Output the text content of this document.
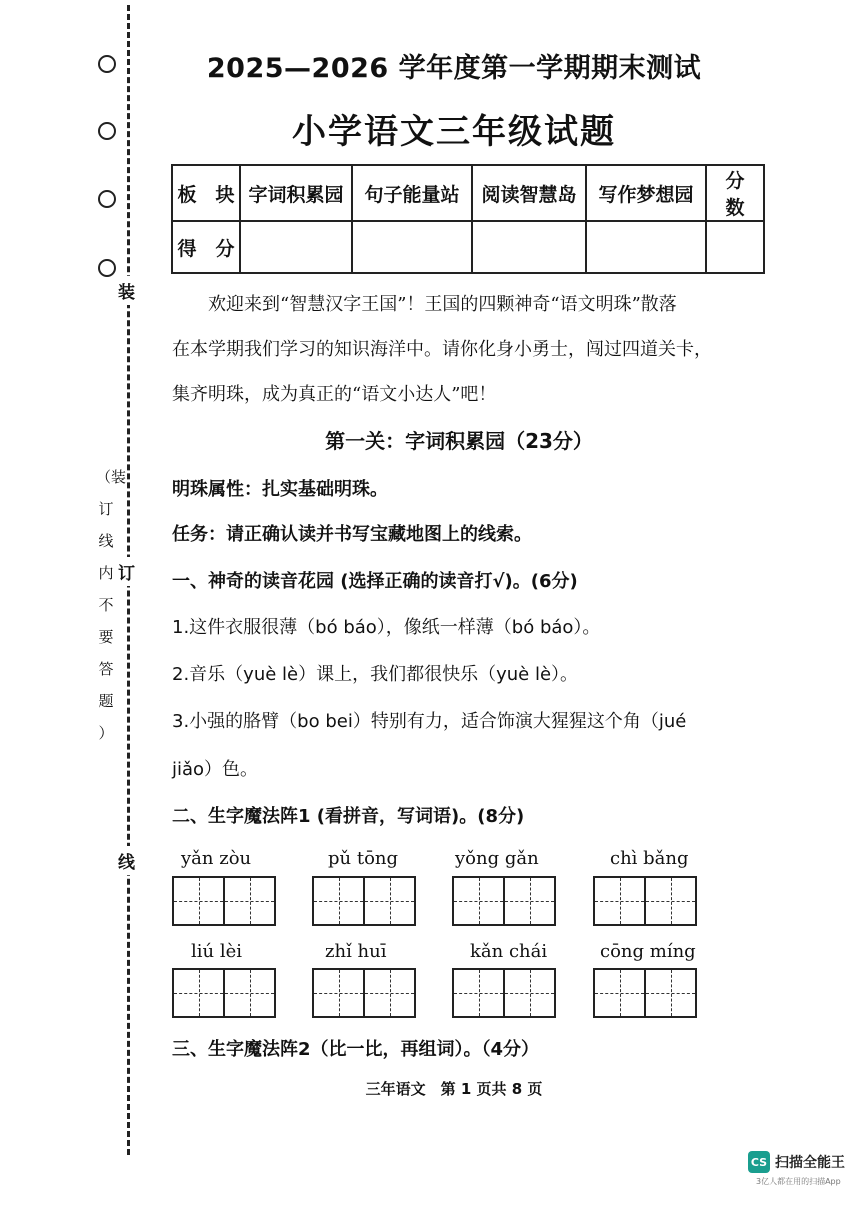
装
订
线
（装
订
线
内
不
要
答
题
）
2025—2026 学年度第一学期期末测试
小学语文三年级试题
板　块	字词积累园	句子能量站	阅读智慧岛	写作梦想园	分　数
得　分					

欢迎来到“智慧汉字王国”！王国的四颗神奇“语文明珠”散落

在本学期我们学习的知识海洋中。请你化身小勇士，闯过四道关卡，

集齐明珠，成为真正的“语文小达人”吧！

第一关：字词积累园（23分）
明珠属性：扎实基础明珠。
任务：请正确认读并书写宝藏地图上的线索。
一、神奇的读音花园 (选择正确的读音打√)。(6分)
1.这件衣服很薄（bó báo），像纸一样薄（bó báo）。
2.音乐（yuè lè）课上，我们都很快乐（yuè lè）。
3.小强的胳臂（bo bei）特别有力，适合饰演大猩猩这个角（jué
jiǎo）色。
二、生字魔法阵1 (看拼音，写词语)。(8分)
yǎn zòu	pǔ tōng	yǒng gǎn	chì bǎng
liú lèi	zhǐ huī	kǎn chái	cōng míng
三、生字魔法阵2（比一比，再组词）。（4分）
三年语文　第 1 页共 8 页
CS 扫描全能王
3亿人都在用的扫描App
